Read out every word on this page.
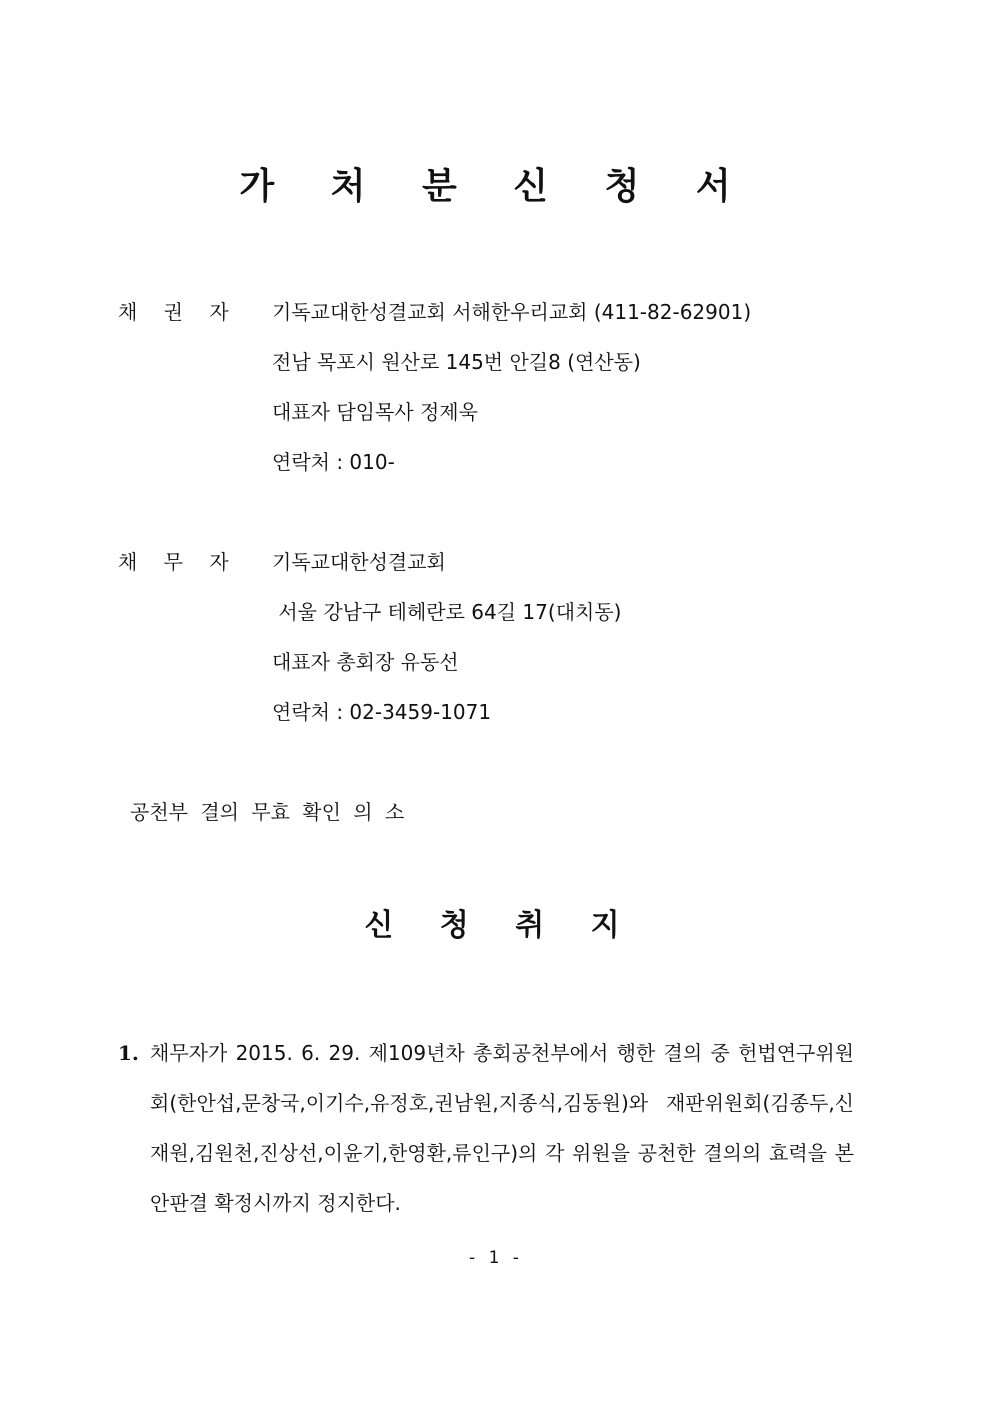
가 처 분 신 청 서
채 권 자 기독교대한성결교회 서해한우리교회 (411-82-62901)
전남 목포시 원산로 145번 안길8 (연산동)
대표자 담임목사 정제욱
연락처 : 010-
채 무 자 기독교대한성결교회
서울 강남구 테헤란로 64길 17(대치동)
대표자 총회장 유동선
연락처 : 02-3459-1071
공천부 결의 무효 확인 의 소
신 청 취 지
1. 채무자가 2015. 6. 29. 제109년차 총회공천부에서 행한 결의 중 헌법연구위원회(한안섭,문창국,이기수,유정호,권남원,지종식,김동원)와 재판위원회(김종두,신재원,김원천,진상선,이윤기,한영환,류인구)의 각 위원을 공천한 결의의 효력을 본안판결 확정시까지 정지한다.
- 1 -
